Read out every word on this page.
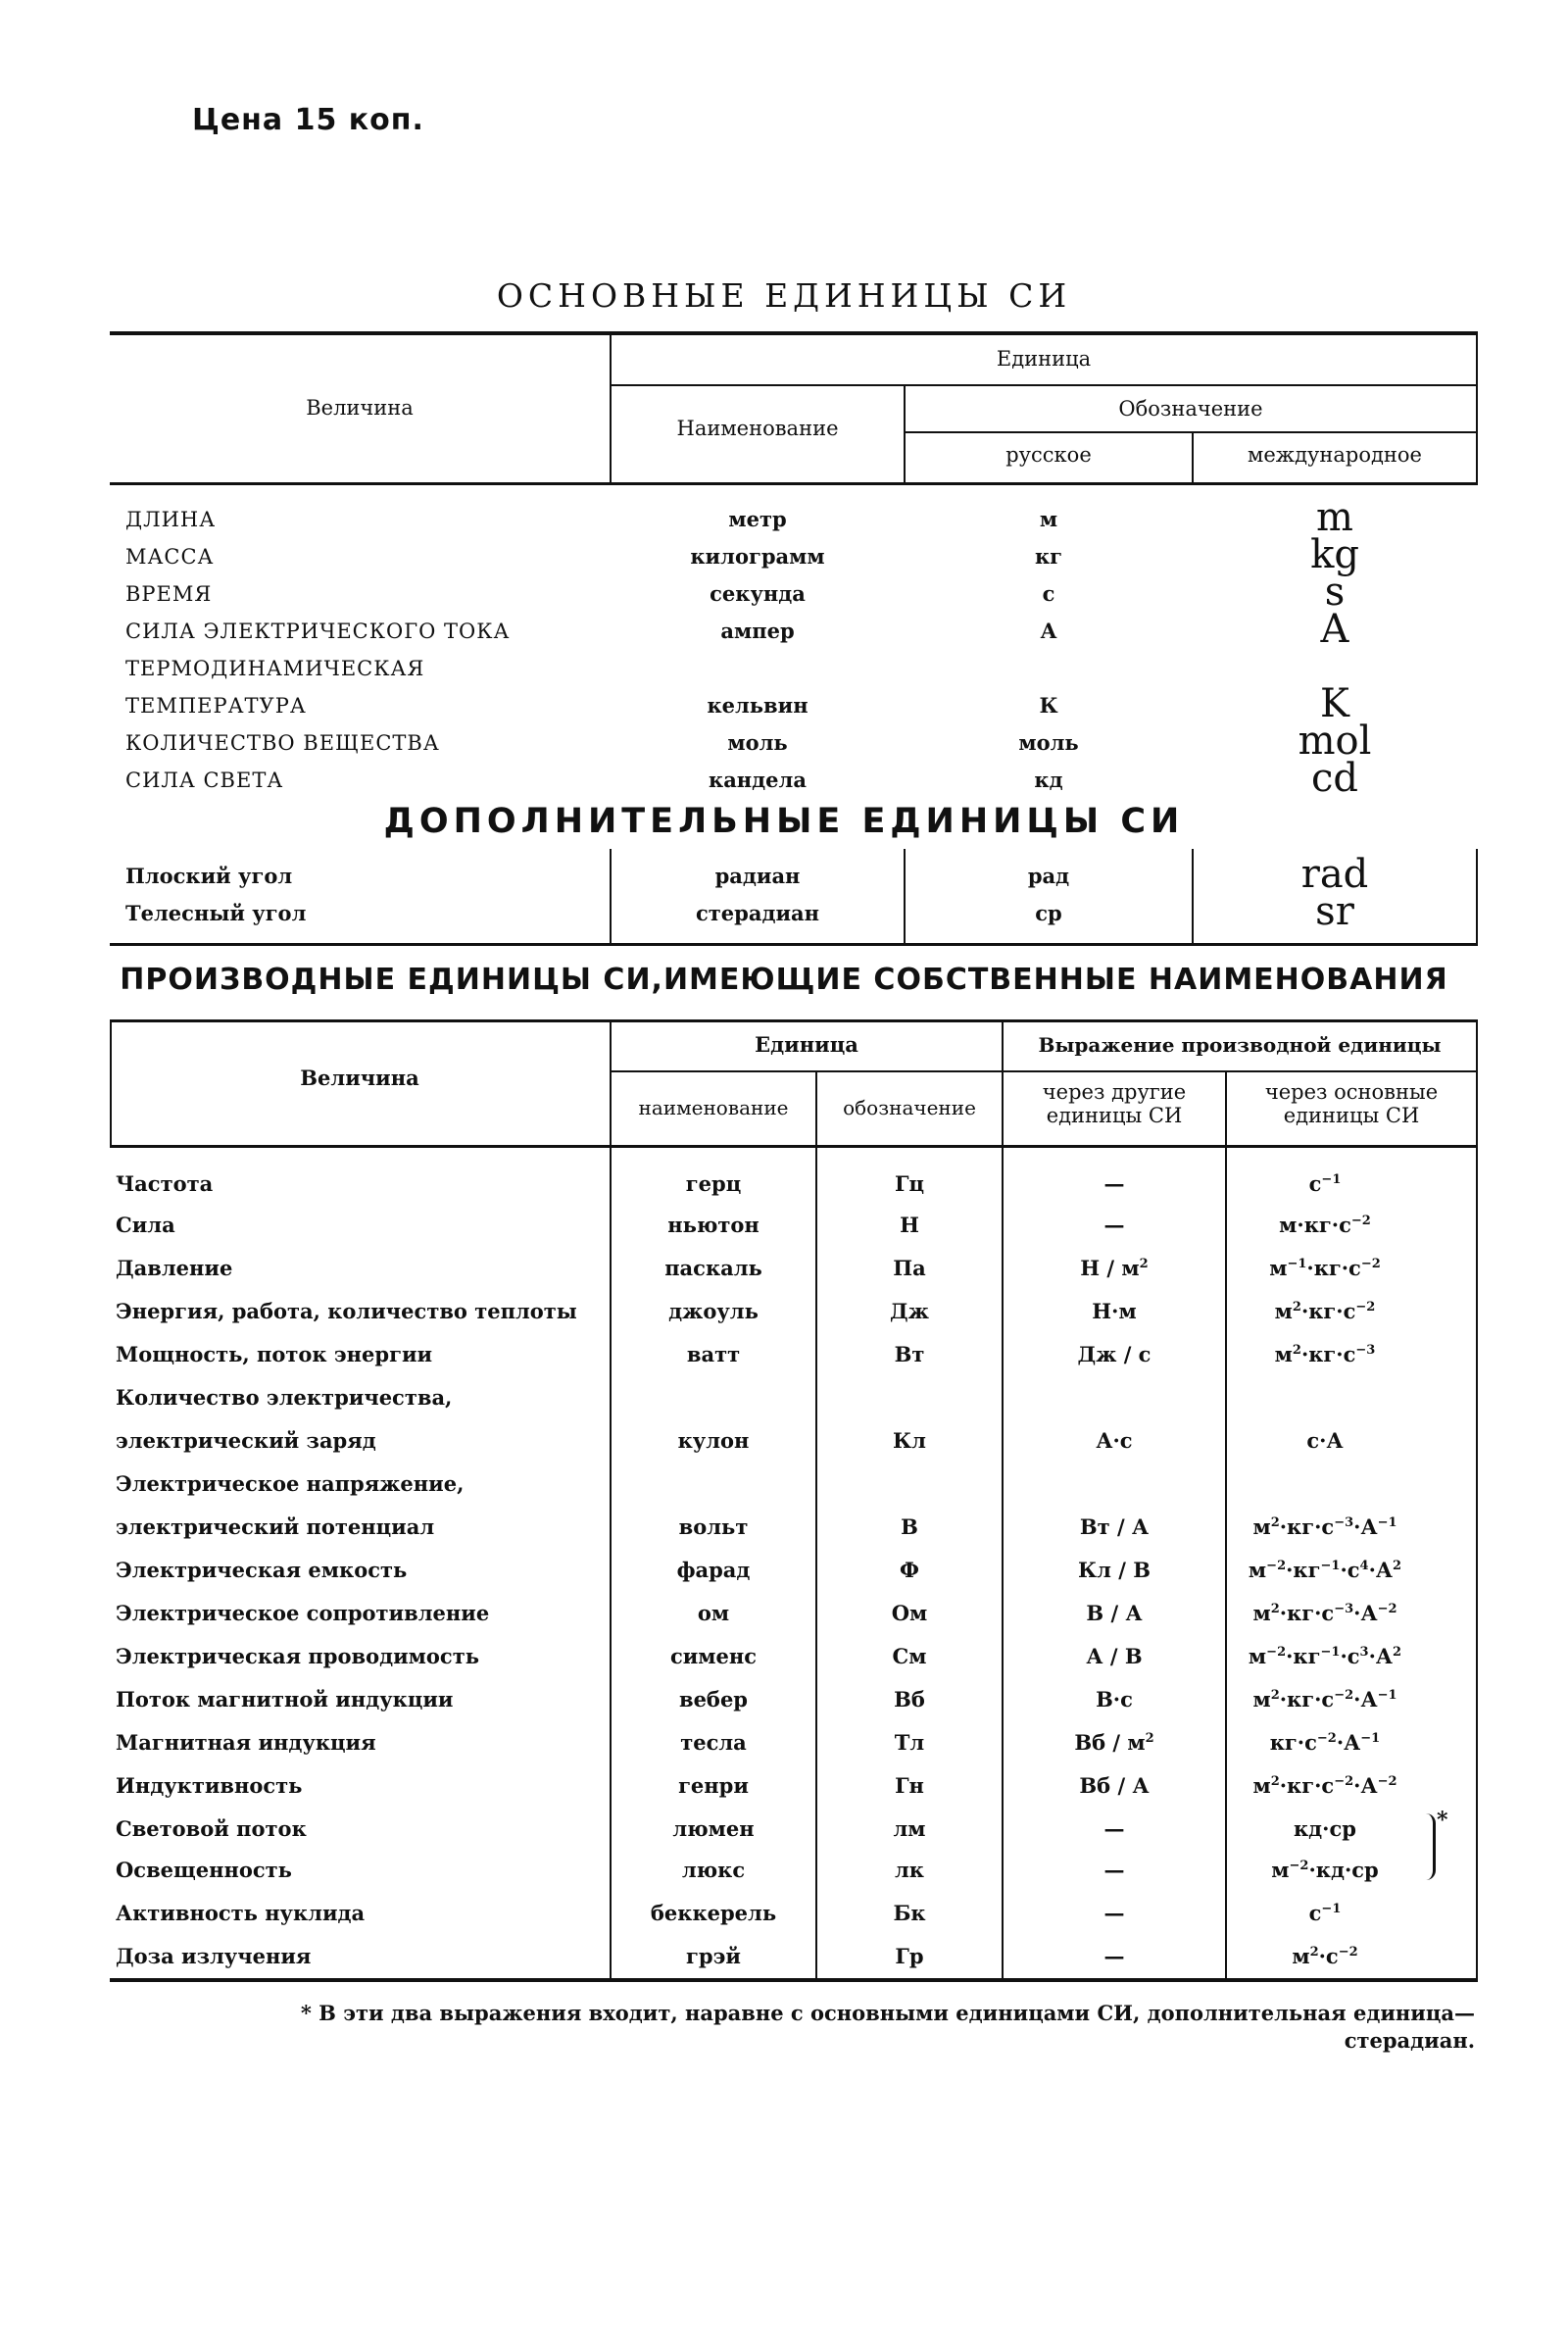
Цена 15 коп.
ОСНОВНЫЕ ЕДИНИЦЫ СИ
Величина
Единица
Наименование
Обозначение
русское	международное
ДЛИНА	метр	м	m
МАССА	килограмм	кг	kg
ВРЕМЯ	секунда	с	s
СИЛА ЭЛЕКТРИЧЕСКОГО ТОКА	ампер	А	A
ТЕРМОДИНАМИЧЕСКАЯ
ТЕМПЕРАТУРА	кельвин	К	K
КОЛИЧЕСТВО ВЕЩЕСТВА	моль	моль	mol
СИЛА СВЕТА	кандела	кд	cd
ДОПОЛНИТЕЛЬНЫЕ ЕДИНИЦЫ СИ
Плоский угол	радиан	рад	rad
Телесный угол	стерадиан	ср	sr
ПРОИЗВОДНЫЕ ЕДИНИЦЫ СИ,ИМЕЮЩИЕ СОБСТВЕННЫЕ НАИМЕНОВАНИЯ
Величина
Единица
наименование	обозначение
Выражение производной единицы
через другие единицы СИ
через основные единицы СИ
Частота	герц	Гц	—	$с^{-1}$
Сила	ньютон	Н	—	$м\cdot кг\cdot с^{-2}$
Давление	паскаль	Па	Н / $м^2$	$м^{-1}\cdot кг\cdot с^{-2}$
Энергия, работа, количество теплоты	джоуль	Дж	Н·м	$м^2\cdot кг\cdot с^{-2}$
Мощность, поток энергии	ватт	Вт	Дж / с	$м^2\cdot кг\cdot с^{-3}$
Количество электричества,
электрический заряд	кулон	Кл	А·с	с·А
Электрическое напряжение,
электрический потенциал	вольт	В	Вт / А	$м^2\cdot кг\cdot с^{-3}\cdot А^{-1}$
Электрическая емкость	фарад	Ф	Кл / В	$м^{-2}\cdot кг^{-1}\cdot с^4\cdot А^2$
Электрическое сопротивление	ом	Ом	В / А	$м^2\cdot кг\cdot с^{-3}\cdot А^{-2}$
Электрическая проводимость	сименс	См	А / В	$м^{-2}\cdot кг^{-1}\cdot с^3\cdot А^2$
Поток магнитной индукции	вебер	Вб	В·с	$м^2\cdot кг\cdot с^{-2}\cdot А^{-1}$
Магнитная индукция	тесла	Тл	Вб / $м^2$	$кг\cdot с^{-2}\cdot А^{-1}$
Индуктивность	генри	Гн	Вб / А	$м^2\cdot кг\cdot с^{-2}\cdot А^{-2}$
Световой поток	люмен	лм	—	кд·ср
Освещенность	люкс	лк	—	$м^{-2}\cdot кд\cdot ср$
Активность нуклида	беккерель	Бк	—	$с^{-1}$
Доза излучения	грэй	Гр	—	$м^2\cdot с^{-2}$
*
* В эти два выражения входит, наравне с основными единицами СИ, дополнительная единица—стерадиан.
